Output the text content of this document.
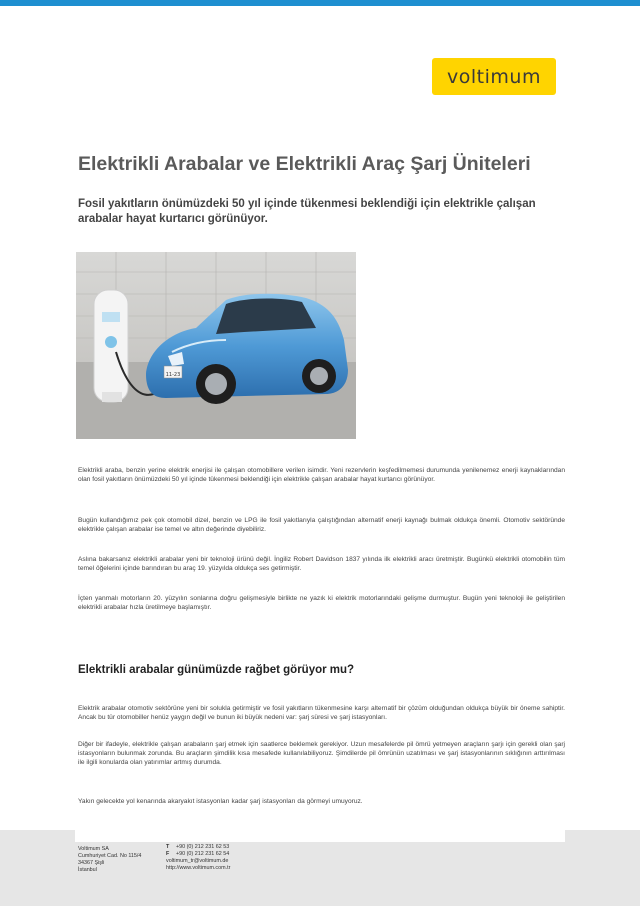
voltimum
Elektrikli Arabalar ve Elektrikli Araç Şarj Üniteleri

Fosil yakıtların önümüzdeki 50 yıl içinde tükenmesi beklendiği için elektrikle çalışan arabalar hayat kurtarıcı görünüyor.

11-23

Elektrikli araba, benzin yerine elektrik enerjisi ile çalışan otomobillere verilen isimdir. Yeni rezervlerin keşfedilmemesi durumunda yenilenemez enerji kaynaklarından olan fosil yakıtların önümüzdeki 50 yıl içinde tükenmesi beklendiği için elektrikle çalışan arabalar hayat kurtarıcı görünüyor.

Bugün kullandığımız pek çok otomobil dizel, benzin ve LPG ile fosil yakıtlarıyla çalıştığından alternatif enerji kaynağı bulmak oldukça önemli. Otomotiv sektöründe elektrikle çalışan arabalar ise temel ve altın değerinde diyebiliriz.

Aslına bakarsanız elektrikli arabalar yeni bir teknoloji ürünü değil. İngiliz Robert Davidson 1837 yılında ilk elektrikli aracı üretmiştir. Bugünkü elektrikli otomobilin tüm temel öğelerini içinde barındıran bu araç 19. yüzyılda oldukça ses getirmiştir.

İçten yanmalı motorların 20. yüzyılın sonlarına doğru gelişmesiyle birlikte ne yazık ki elektrik motorlarındaki gelişme durmuştur. Bugün yeni teknoloji ile geliştirilen elektrikli arabalar hızla üretilmeye başlamıştır.

Elektrikli arabalar günümüzde rağbet görüyor mu?

Elektrik arabalar otomotiv sektörüne yeni bir solukla getirmiştir ve fosil yakıtların tükenmesine karşı alternatif bir çözüm olduğundan oldukça büyük bir öneme sahiptir. Ancak bu tür otomobiller henüz yaygın değil ve bunun iki büyük nedeni var: şarj süresi ve şarj istasyonları.

Diğer bir ifadeyle, elektrikle çalışan arabaların şarj etmek için saatlerce beklemek gerekiyor. Uzun mesafelerde pil ömrü yetmeyen araçların şarjı için gerekli olan şarj istasyonların bulunmak zorunda. Bu araçların şimdilik kısa mesafede kullanılabiliyoruz. Şimdilerde pil ömrünün uzatılması ve şarj istasyonlarının sıklığının arttırılması ile ilgili konularda olan yatırımlar artmış durumda.

Yakın gelecekte yol kenarında akaryakıt istasyonları kadar şarj istasyonları da görmeyi umuyoruz.

Voltimum SA
Cumhuriyet Cad. No 115/4
34367 Şişli
İstanbul
T +90 (0) 212 231 62 53
F +90 (0) 212 231 62 54
voltimum_tr@voltimum.de
http://www.voltimum.com.tr
